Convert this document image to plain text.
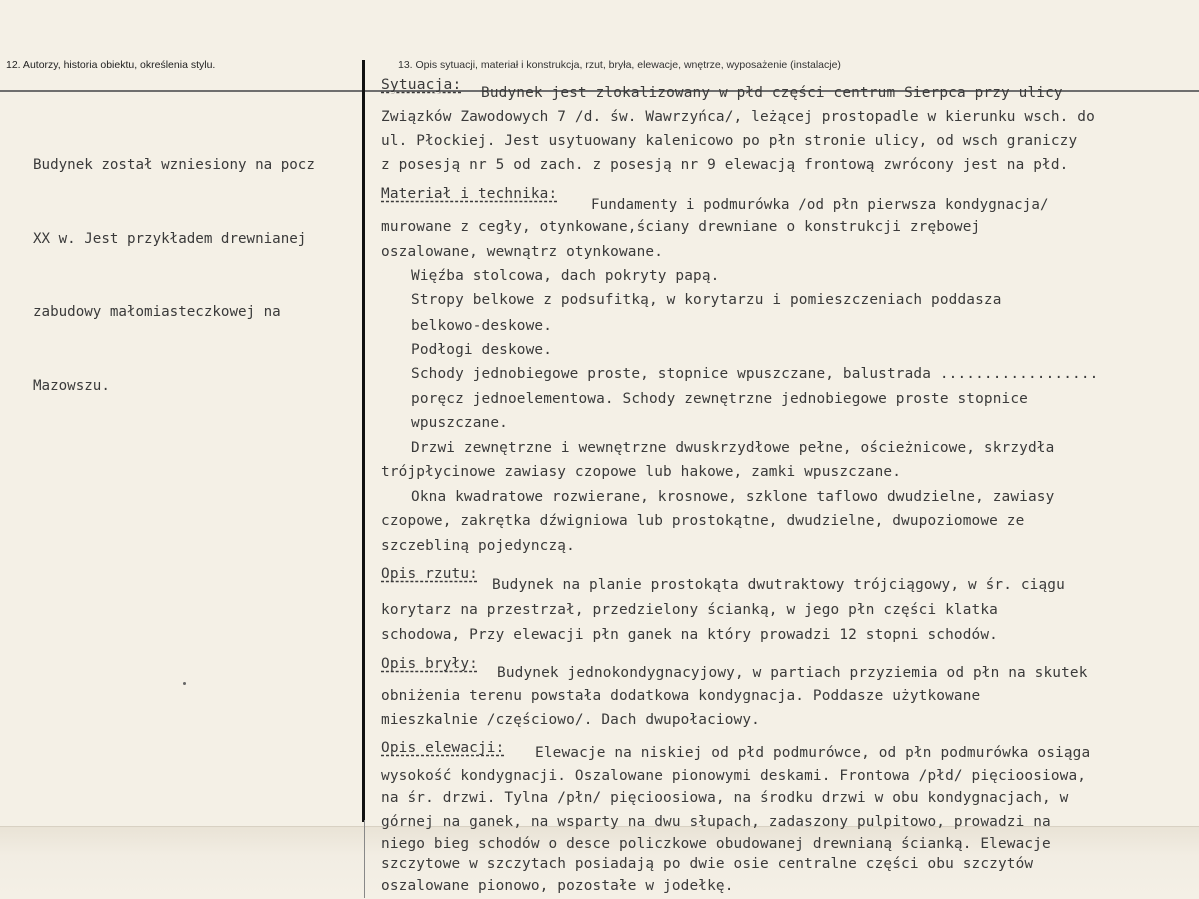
12. Autorzy, historia obiektu, określenia stylu.	13. Opis sytuacji, materiał i konstrukcja, rzut, bryła, elewacje, wnętrze, wyposażenie (instalacje)

Budynek został wzniesiony na pocz

XX w. Jest przykładem drewnianej

zabudowy małomiasteczkowej na

Mazowszu.

Sytuacja: Budynek jest zlokalizowany w płd części centrum Sierpca przy ulicy
Związków Zawodowych 7 /d. św. Wawrzyńca/, leżącej prostopadle w kierunku wsch. do
ul. Płockiej. Jest usytuowany kalenicowo po płn stronie ulicy, od wsch graniczy
z posesją nr 5 od zach. z posesją nr 9 elewacją frontową zwrócony jest na płd.
Materiał i technika:
Fundamenty i podmurówka /od płn pierwsza kondygnacja/
murowane z cegły, otynkowane,ściany drewniane o konstrukcji zrębowej
oszalowane, wewnątrz otynkowane.
Więźba stolcowa, dach pokryty papą.
Stropy belkowe z podsufitką, w korytarzu i pomieszczeniach poddasza
belkowo-deskowe.
Podłogi deskowe.
Schody jednobiegowe proste, stopnice wpuszczane, balustrada ..................
poręcz jednoelementowa. Schody zewnętrzne jednobiegowe proste stopnice
wpuszczane.
Drzwi zewnętrzne i wewnętrzne dwuskrzydłowe pełne, ościeżnicowe, skrzydła
trójpłycinowe zawiasy czopowe lub hakowe, zamki wpuszczane.
Okna kwadratowe rozwierane, krosnowe, szklone taflowo dwudzielne, zawiasy
czopowe, zakrętka dźwigniowa lub prostokątne, dwudzielne, dwupoziomowe ze
szczebliną pojedynczą.
Opis rzutu:
Budynek na planie prostokąta dwutraktowy trójciągowy, w śr. ciągu
korytarz na przestrzał, przedzielony ścianką, w jego płn części klatka
schodowa, Przy elewacji płn ganek na który prowadzi 12 stopni schodów.
Opis bryły:
Budynek jednokondygnacyjowy, w partiach przyziemia od płn na skutek
obniżenia terenu powstała dodatkowa kondygnacja. Poddasze użytkowane
mieszkalnie /częściowo/. Dach dwupołaciowy.
Opis elewacji: Elewacje na niskiej od płd podmurówce, od płn podmurówka osiąga
wysokość kondygnacji. Oszalowane pionowymi deskami. Frontowa /płd/ pięcioosiowa,
na śr. drzwi. Tylna /płn/ pięcioosiowa, na środku drzwi w obu kondygnacjach, w
górnej na ganek, na wsparty na dwu słupach, zadaszony pulpitowo, prowadzi na
niego bieg schodów o desce policzkowe obudowanej drewnianą ścianką. Elewacje
szczytowe w szczytach posiadają po dwie osie centralne części obu szczytów
oszalowane pionowo, pozostałe w jodełkę.
